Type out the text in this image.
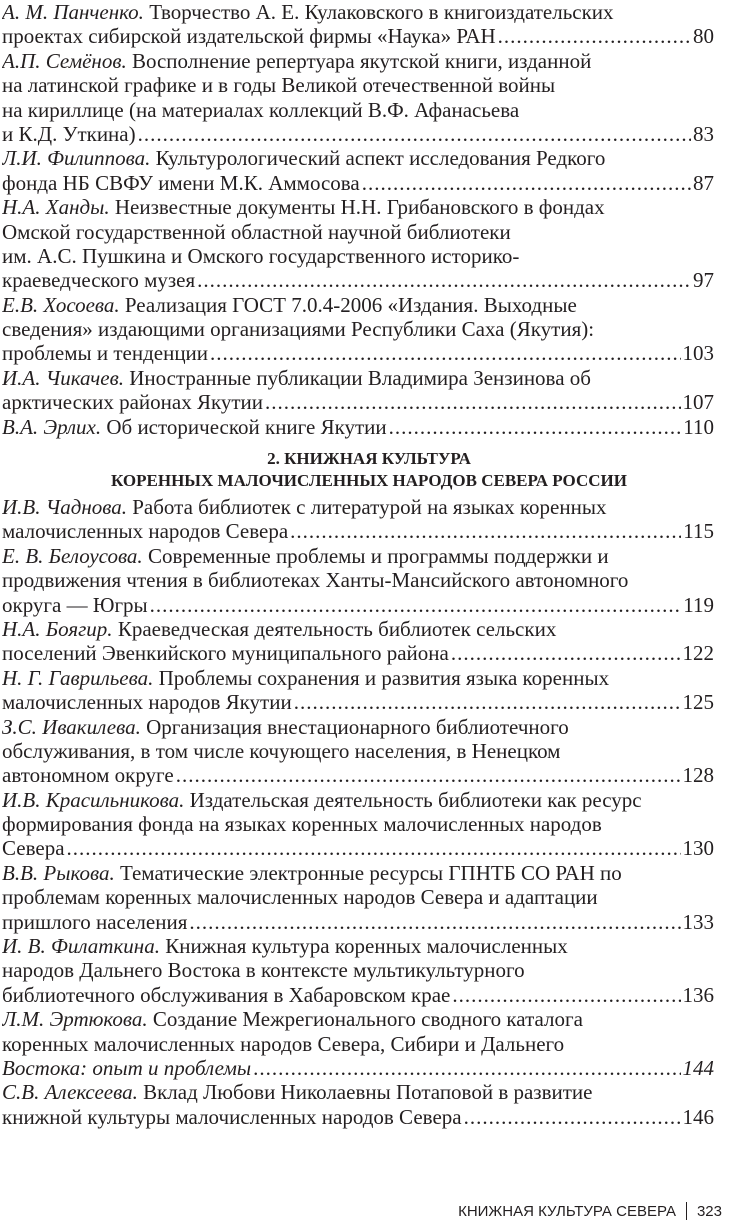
А. М. Панченко. Творчество А. Е. Кулаковского в книгоиздательских
проектах сибирской издательской фирмы «Наука» РАН .....	80
А.П. Семёнов. Восполнение репертуара якутской книги, изданной
на латинской графике и в годы Великой отечественной войны
на кириллице (на материалах коллекций В.Ф. Афанасьева
и К.Д. Уткина) .....	83
Л.И. Филиппова. Культурологический аспект исследования Редкого
фонда НБ СВФУ имени М.К. Аммосова .....	87
Н.А. Ханды. Неизвестные документы Н.Н. Грибановского в фондах
Омской государственной областной научной библиотеки
им. А.С. Пушкина и Омского государственного историко-
краеведческого музея .....	97
Е.В. Хосоева. Реализация ГОСТ 7.0.4-2006 «Издания. Выходные
сведения» издающими организациями Республики Саха (Якутия):
проблемы и тенденции .....	103
И.А. Чикачев. Иностранные публикации Владимира Зензинова об
арктических районах Якутии .....	107
В.А. Эрлих. Об исторической книге Якутии .....	110
2. КНИЖНАЯ КУЛЬТУРА
КОРЕННЫХ МАЛОЧИСЛЕННЫХ НАРОДОВ СЕВЕРА РОССИИ
И.В. Чаднова. Работа библиотек с литературой на языках коренных
малочисленных народов Севера .....	115
Е. В. Белоусова. Современные проблемы и программы поддержки и
продвижения чтения в библиотеках Ханты-Мансийского автономного
округа — Югры .....	119
Н.А. Боягир. Краеведческая деятельность библиотек сельских
поселений Эвенкийского муниципального района .....	122
Н. Г. Гаврильева. Проблемы сохранения и развития языка коренных
малочисленных народов Якутии .....	125
З.С. Ивакилева. Организация внестационарного библиотечного
обслуживания, в том числе кочующего населения, в Ненецком
автономном округе .....	128
И.В. Красильникова. Издательская деятельность библиотеки как ресурс
формирования фонда на языках коренных малочисленных народов
Севера .....	130
В.В. Рыкова. Тематические электронные ресурсы ГПНТБ СО РАН по
проблемам коренных малочисленных народов Севера и адаптации
пришлого населения .....	133
И. В. Филаткина. Книжная культура коренных малочисленных
народов Дальнего Востока в контексте мультикультурного
библиотечного обслуживания в Хабаровском крае .....	136
Л.М. Эртюкова. Создание Межрегионального сводного каталога
коренных малочисленных народов Севера, Сибири и Дальнего
Востока: опыт и проблемы .....	144
С.В. Алексеева. Вклад Любови Николаевны Потаповой в развитие
книжной культуры малочисленных народов Севера .....	146
КНИЖНАЯ КУЛЬТУРА СЕВЕРА 323
